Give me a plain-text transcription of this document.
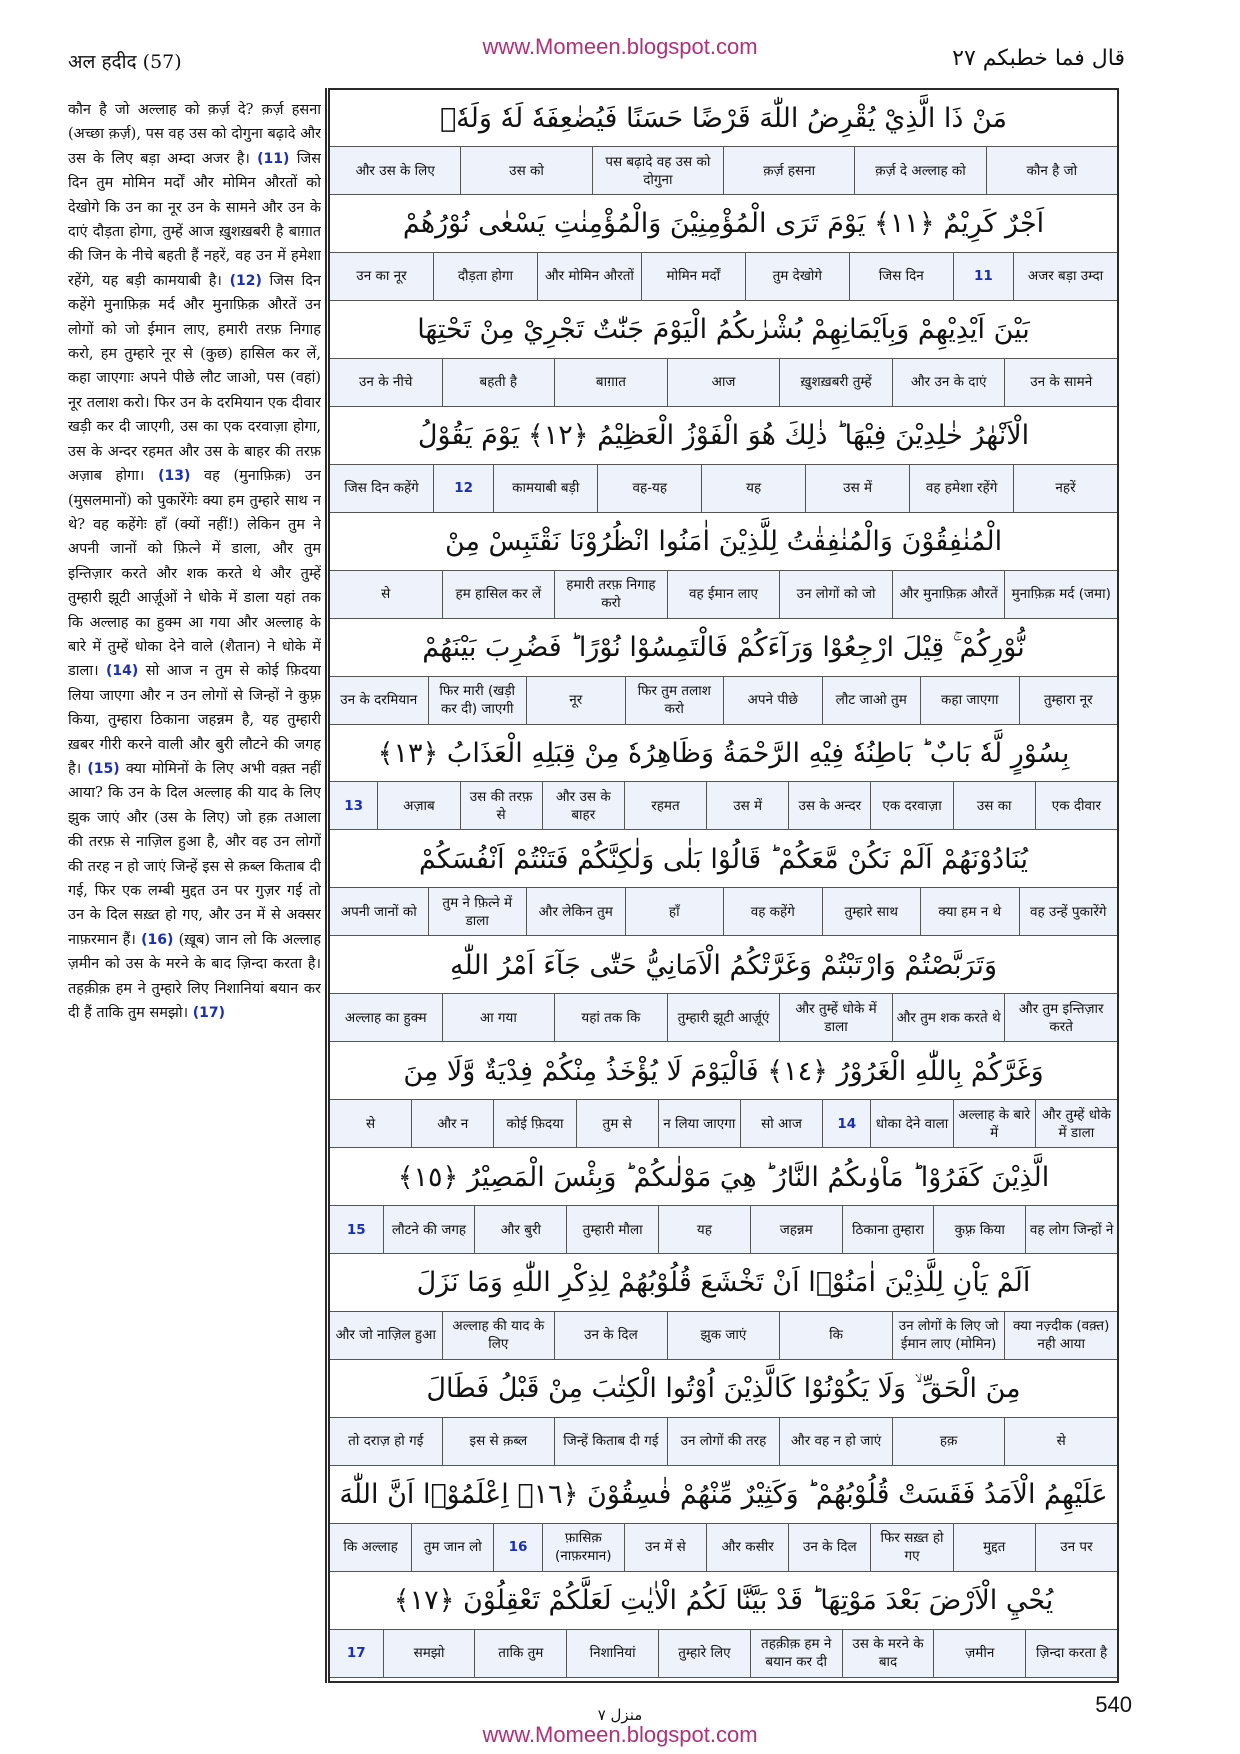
अल हदीद (57)
www.Momeen.blogspot.com	قال فما خطبکم ٢٧
कौन है जो अल्लाह को क़र्ज़ दे? क़र्ज़ हसना (अच्छा क़र्ज़), पस वह उस को दोगुना बढ़ादे और उस के लिए बड़ा अम्दा अजर है। (11) जिस दिन तुम मोमिन मर्दों और मोमिन औरतों को देखोगे कि उन का नूर उन के सामने और उन के दाएं दौड़ता होगा, तुम्हें आज ख़ुशख़बरी है बाग़ात की जिन के नीचे बहती हैं नहरें, वह उन में हमेशा रहेंगे, यह बड़ी कामयाबी है। (12) जिस दिन कहेंगे मुनाफ़िक़ मर्द और मुनाफ़िक़ औरतें उन लोगों को जो ईमान लाए, हमारी तरफ़ निगाह करो, हम तुम्हारे नूर से (कुछ) हासिल कर लें, कहा जाएगाः अपने पीछे लौट जाओ, पस (वहां) नूर तलाश करो। फिर उन के दरमियान एक दीवार खड़ी कर दी जाएगी, उस का एक दरवाज़ा होगा, उस के अन्दर रहमत और उस के बाहर की तरफ़ अज़ाब होगा। (13) वह (मुनाफ़िक़) उन (मुसलमानों) को पुकारेंगेः क्या हम तुम्हारे साथ न थे? वह कहेंगेः हाँ (क्यों नहीं!) लेकिन तुम ने अपनी जानों को फ़ित्ने में डाला, और तुम इन्तिज़ार करते और शक करते थे और तुम्हें तुम्हारी झूटी आर्ज़ूओं ने धोके में डाला यहां तक कि अल्लाह का हुक्म आ गया और अल्लाह के बारे में तुम्हें धोका देने वाले (शैतान) ने धोके में डाला। (14) सो आज न तुम से कोई फ़िदया लिया जाएगा और न उन लोगों से जिन्हों ने कुफ़्र किया, तुम्हारा ठिकाना जहन्नम है, यह तुम्हारी ख़बर गीरी करने वाली और बुरी लौटने की जगह है। (15) क्या मोमिनों के लिए अभी वक़्त नहीं आया? कि उन के दिल अल्लाह की याद के लिए झुक जाएं और (उस के लिए) जो हक़ तआला की तरफ़ से नाज़िल हुआ है, और वह उन लोगों की तरह न हो जाएं जिन्हें इस से क़ब्ल किताब दी गई, फिर एक लम्बी मुद्दत उन पर गुज़र गई तो उन के दिल सख़्त हो गए, और उन में से अक्सर नाफ़रमान हैं। (16) (ख़ूब) जान लो कि अल्लाह ज़मीन को उस के मरने के बाद ज़िन्दा करता है। तहक़ीक़ हम ने तुम्हारे लिए निशानियां बयान कर दी हैं ताकि तुम समझो। (17)
مَنْ ذَا الَّذِيْ يُقْرِضُ اللّٰهَ قَرْضًا حَسَنًا فَيُضٰعِفَهٗ لَهٗ وَلَهٗۤ
कौन है जो
क़र्ज़ दे अल्लाह को
क़र्ज़ हसना
पस बढ़ादे वह उस को दोगुना
उस को
और उस के लिए
اَجْرٌ كَرِيْمٌ ﴿١١﴾ يَوْمَ تَرَى الْمُؤْمِنِيْنَ وَالْمُؤْمِنٰتِ يَسْعٰى نُوْرُهُمْ
अजर बड़ा उम्दा
11
जिस दिन
तुम देखोगे
मोमिन मर्दों
और मोमिन औरतों
दौड़ता होगा
उन का नूर
بَيْنَ اَيْدِيْهِمْ وَبِاَيْمَانِهِمْ بُشْرٰىكُمُ الْيَوْمَ جَنّٰتٌ تَجْرِيْ مِنْ تَحْتِهَا
उन के सामने
और उन के दाएं
ख़ुशख़बरी तुम्हें
आज
बाग़ात
बहती है
उन के नीचे
الْاَنْهٰرُ خٰلِدِيْنَ فِيْهَا ؕ ذٰلِكَ هُوَ الْفَوْزُ الْعَظِيْمُ ﴿١٢﴾ يَوْمَ يَقُوْلُ
नहरें
वह हमेशा रहेंगे
उस में
यह
वह-यह
कामयाबी बड़ी
12
जिस दिन कहेंगे
الْمُنٰفِقُوْنَ وَالْمُنٰفِقٰتُ لِلَّذِيْنَ اٰمَنُوا انْظُرُوْنَا نَقْتَبِسْ مِنْ
मुनाफ़िक़ मर्द (जमा)
और मुनाफ़िक़ औरतें
उन लोगों को जो
वह ईमान लाए
हमारी तरफ़ निगाह करो
हम हासिल कर लें
से
نُّوْرِكُمْ ۚ قِيْلَ ارْجِعُوْا وَرَآءَكُمْ فَالْتَمِسُوْا نُوْرًا ؕ فَضُرِبَ بَيْنَهُمْ
तुम्हारा नूर
कहा जाएगा
लौट जाओ तुम
अपने पीछे
फिर तुम तलाश करो
नूर
फिर मारी (खड़ी कर दी) जाएगी
उन के दरमियान
بِسُوْرٍ لَّهٗ بَابٌ ؕ بَاطِنُهٗ فِيْهِ الرَّحْمَةُ وَظَاهِرُهٗ مِنْ قِبَلِهِ الْعَذَابُ ﴿١٣﴾
एक दीवार
उस का
एक दरवाज़ा
उस के अन्दर
उस में
रहमत
और उस के बाहर
उस की तरफ़ से
अज़ाब
13
يُنَادُوْنَهُمْ اَلَمْ نَكُنْ مَّعَكُمْ ؕ قَالُوْا بَلٰى وَلٰكِنَّكُمْ فَتَنْتُمْ اَنْفُسَكُمْ
वह उन्हें पुकारेंगे
क्या हम न थे
तुम्हारे साथ
वह कहेंगे
हाँ
और लेकिन तुम
तुम ने फ़ित्ने में डाला
अपनी जानों को
وَتَرَبَّصْتُمْ وَارْتَبْتُمْ وَغَرَّتْكُمُ الْاَمَانِيُّ حَتّٰى جَآءَ اَمْرُ اللّٰهِ
और तुम इन्तिज़ार करते
और तुम शक करते थे
और तुम्हें धोके में डाला
तुम्हारी झूटी आर्ज़ूएं
यहां तक कि
आ गया
अल्लाह का हुक्म
وَغَرَّكُمْ بِاللّٰهِ الْغَرُوْرُ ﴿١٤﴾ فَالْيَوْمَ لَا يُؤْخَذُ مِنْكُمْ فِدْيَةٌ وَّلَا مِنَ
और तुम्हें धोके में डाला
अल्लाह के बारे में
धोका देने वाला
14
सो आज
न लिया जाएगा
तुम से
कोई फ़िदया
और न
से
الَّذِيْنَ كَفَرُوْا ؕ مَاْوٰىكُمُ النَّارُ ؕ هِيَ مَوْلٰىكُمْ ؕ وَبِئْسَ الْمَصِيْرُ ﴿١٥﴾
वह लोग जिन्हों ने
कुफ़्र किया
ठिकाना तुम्हारा
जहन्नम
यह
तुम्हारी मौला
और बुरी
लौटने की जगह
15
اَلَمْ يَاْنِ لِلَّذِيْنَ اٰمَنُوْۤا اَنْ تَخْشَعَ قُلُوْبُهُمْ لِذِكْرِ اللّٰهِ وَمَا نَزَلَ
क्या नज़्दीक (वक़्त) नही आया
उन लोगों के लिए जो ईमान लाए (मोमिन)
कि
झुक जाएं
उन के दिल
अल्लाह की याद के लिए
और जो नाज़िल हुआ
مِنَ الْحَقِّ ۙ وَلَا يَكُوْنُوْا كَالَّذِيْنَ اُوْتُوا الْكِتٰبَ مِنْ قَبْلُ فَطَالَ
से
हक़
और वह न हो जाएं
उन लोगों की तरह
जिन्हें किताब दी गई
इस से क़ब्ल
तो दराज़ हो गई
عَلَيْهِمُ الْاَمَدُ فَقَسَتْ قُلُوْبُهُمْ ؕ وَكَثِيْرٌ مِّنْهُمْ فٰسِقُوْنَ ﴿١٦﴾ اِعْلَمُوْۤا اَنَّ اللّٰهَ
उन पर
मुद्दत
फिर सख़्त हो गए
उन के दिल
और कसीर
उन में से
फ़ासिक़ (नाफ़रमान)
16
तुम जान लो
कि अल्लाह
يُحْيِ الْاَرْضَ بَعْدَ مَوْتِهَا ؕ قَدْ بَيَّنَّا لَكُمُ الْاٰيٰتِ لَعَلَّكُمْ تَعْقِلُوْنَ ﴿١٧﴾
ज़िन्दा करता है
ज़मीन
उस के मरने के बाद
तहक़ीक़ हम ने बयान कर दी
तुम्हारे लिए
निशानियां
ताकि तुम
समझो
17
540
منزل ٧
www.Momeen.blogspot.com
